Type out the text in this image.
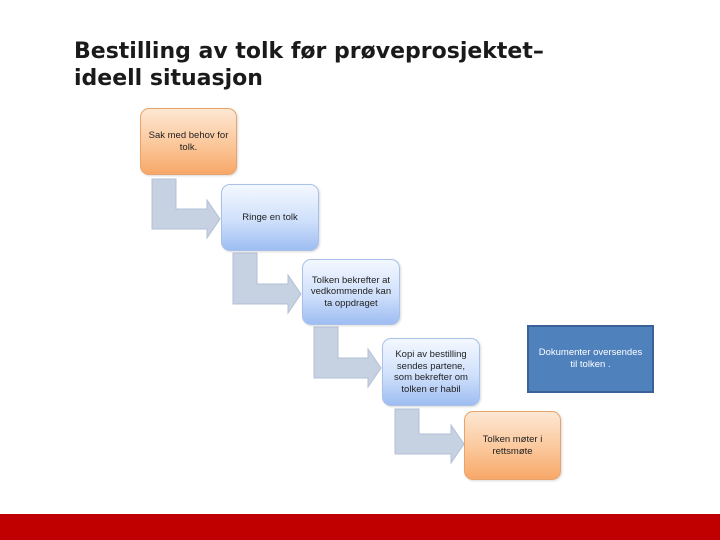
Bestilling av tolk før prøveprosjektet–
ideell situasjon
Sak med behov for tolk.
Ringe en tolk
Tolken bekrefter at vedkommende kan ta oppdraget
Kopi av bestilling sendes partene, som bekrefter om tolken er habil
Tolken møter i rettsmøte
Dokumenter oversendes til tolken .
